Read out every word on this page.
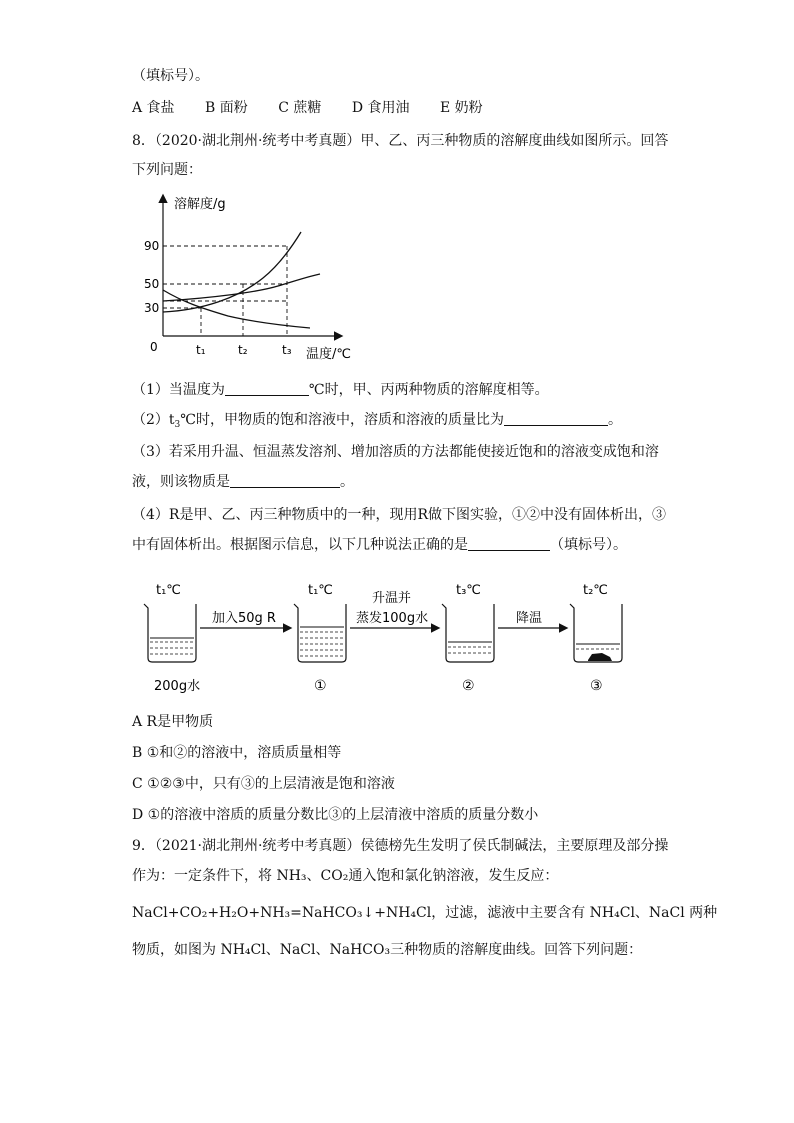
（填标号）。
A 食盐 B 面粉 C 蔗糖 D 食用油 E 奶粉
8．（2020·湖北荆州·统考中考真题）甲、乙、丙三种物质的溶解度曲线如图所示。回答
下列问题：
溶解度/g
温度/℃
0
90
50
30
t₁	t₂	t₃
（1）当温度为	℃时，甲、丙两种物质的溶解度相等。
$(2)t_3℃$时，甲物质的饱和溶液中，溶质和溶液的质量比为	。
（3）若采用升温、恒温蒸发溶剂、增加溶质的方法都能使接近饱和的溶液变成饱和溶
液，则该物质是	。
（4）R是甲、乙、丙三种物质中的一种，现用R做下图实验，①②中没有固体析出，③
中有固体析出。根据图示信息，以下几种说法正确的是	（填标号）。
t₁℃	t₁℃	t₃℃	t₂℃
加入50g R
升温并
蒸发100g水	降温
200g水	①	②	③
A R是甲物质
B ①和②的溶液中，溶质质量相等
C ①②③中，只有③的上层清液是饱和溶液
D ①的溶液中溶质的质量分数比③的上层清液中溶质的质量分数小
9．（2021·湖北荆州·统考中考真题）侯德榜先生发明了侯氏制碱法，主要原理及部分操
作为：一定条件下，将 NH₃、CO₂通入饱和氯化钠溶液，发生反应：
NaCl+CO₂+H₂O+NH₃=NaHCO₃↓+NH₄Cl，过滤，滤液中主要含有 NH₄Cl、NaCl 两种
物质，如图为 NH₄Cl、NaCl、NaHCO₃三种物质的溶解度曲线。回答下列问题：
